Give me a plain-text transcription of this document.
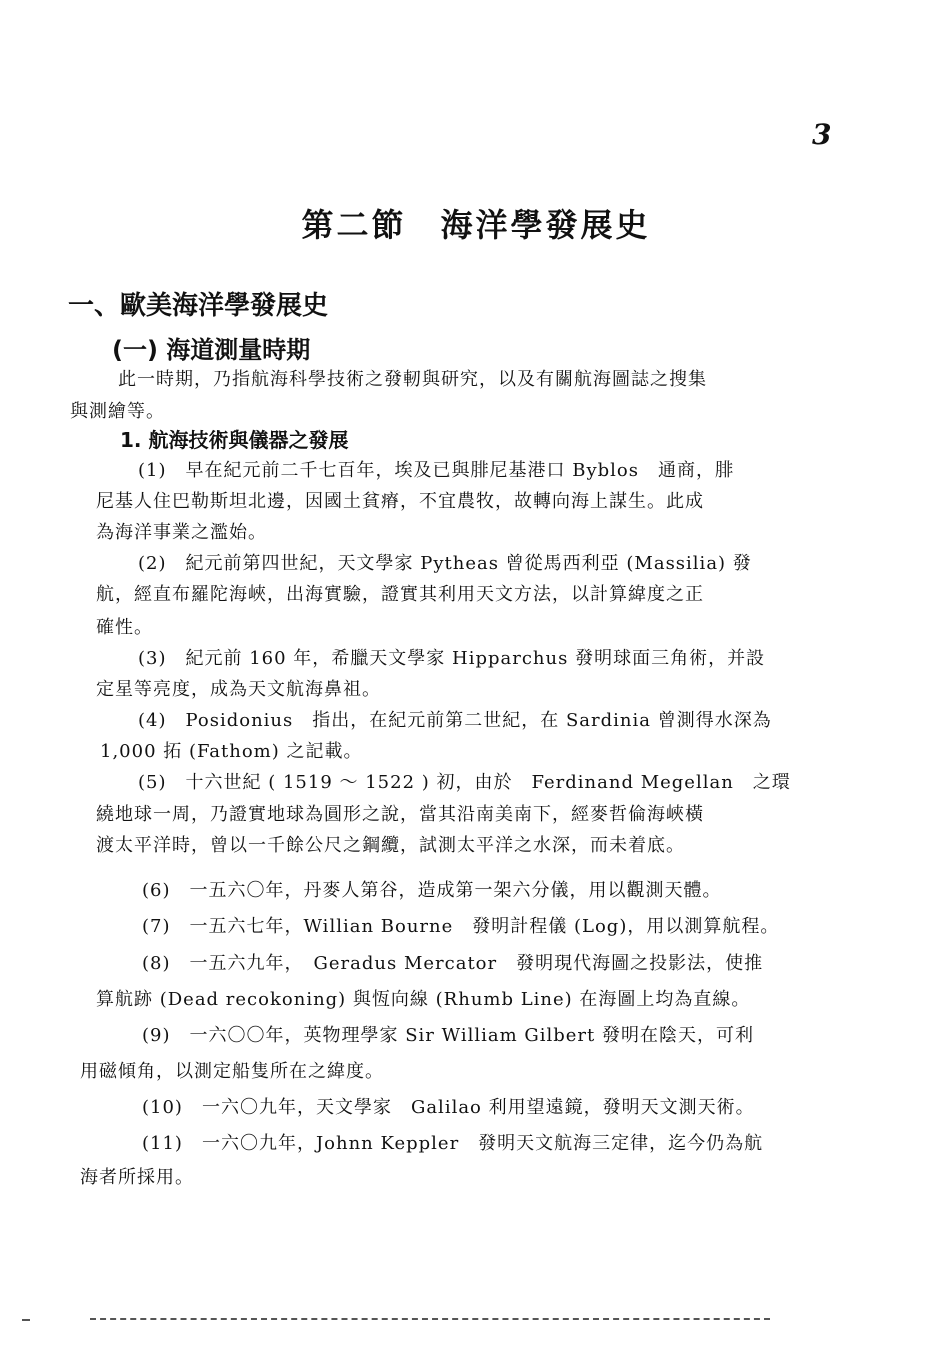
3
第二節 海洋學發展史
一、歐美海洋學發展史
(一) 海道測量時期
此一時期，乃指航海科學技術之發軔與研究，以及有關航海圖誌之搜集
與測繪等。
1. 航海技術與儀器之發展
(1)　早在紀元前二千七百年，埃及已與腓尼基港口 Byblos　通商，腓
尼基人住巴勒斯坦北邊，因國土貧瘠，不宜農牧，故轉向海上謀生。此成
為海洋事業之濫始。
(2)　紀元前第四世紀，天文學家 Pytheas 曾從馬西利亞 (Massilia) 發
航，經直布羅陀海峽，出海實驗，證實其利用天文方法，以計算緯度之正
確性。
(3)　紀元前 160 年，希臘天文學家 Hipparchus 發明球面三角術，并設
定星等亮度，成為天文航海鼻祖。
(4)　Posidonius　指出，在紀元前第二世紀，在 Sardinia 曾測得水深為
1,000 拓 (Fathom) 之記載。
(5)　十六世紀 ( 1519 ～ 1522 ) 初，由於　Ferdinand Megellan　之環
繞地球一周，乃證實地球為圓形之說，當其沿南美南下，經麥哲倫海峽橫
渡太平洋時，曾以一千餘公尺之鋼纜，試測太平洋之水深，而未着底。
(6)　一五六〇年，丹麥人第谷，造成第一架六分儀，用以觀測天體。
(7)　一五六七年，Willian Bourne　發明計程儀 (Log)，用以測算航程。
(8)　一五六九年，　Geradus Mercator　發明現代海圖之投影法，使推
算航跡 (Dead recokoning) 與恆向線 (Rhumb Line) 在海圖上均為直線。
(9)　一六〇〇年，英物理學家 Sir William Gilbert 發明在陰天，可利
用磁傾角，以測定船隻所在之緯度。
(10)　一六〇九年，天文學家　Galilao 利用望遠鏡，發明天文測天術。
(11)　一六〇九年，Johnn Keppler　發明天文航海三定律，迄今仍為航
海者所採用。
